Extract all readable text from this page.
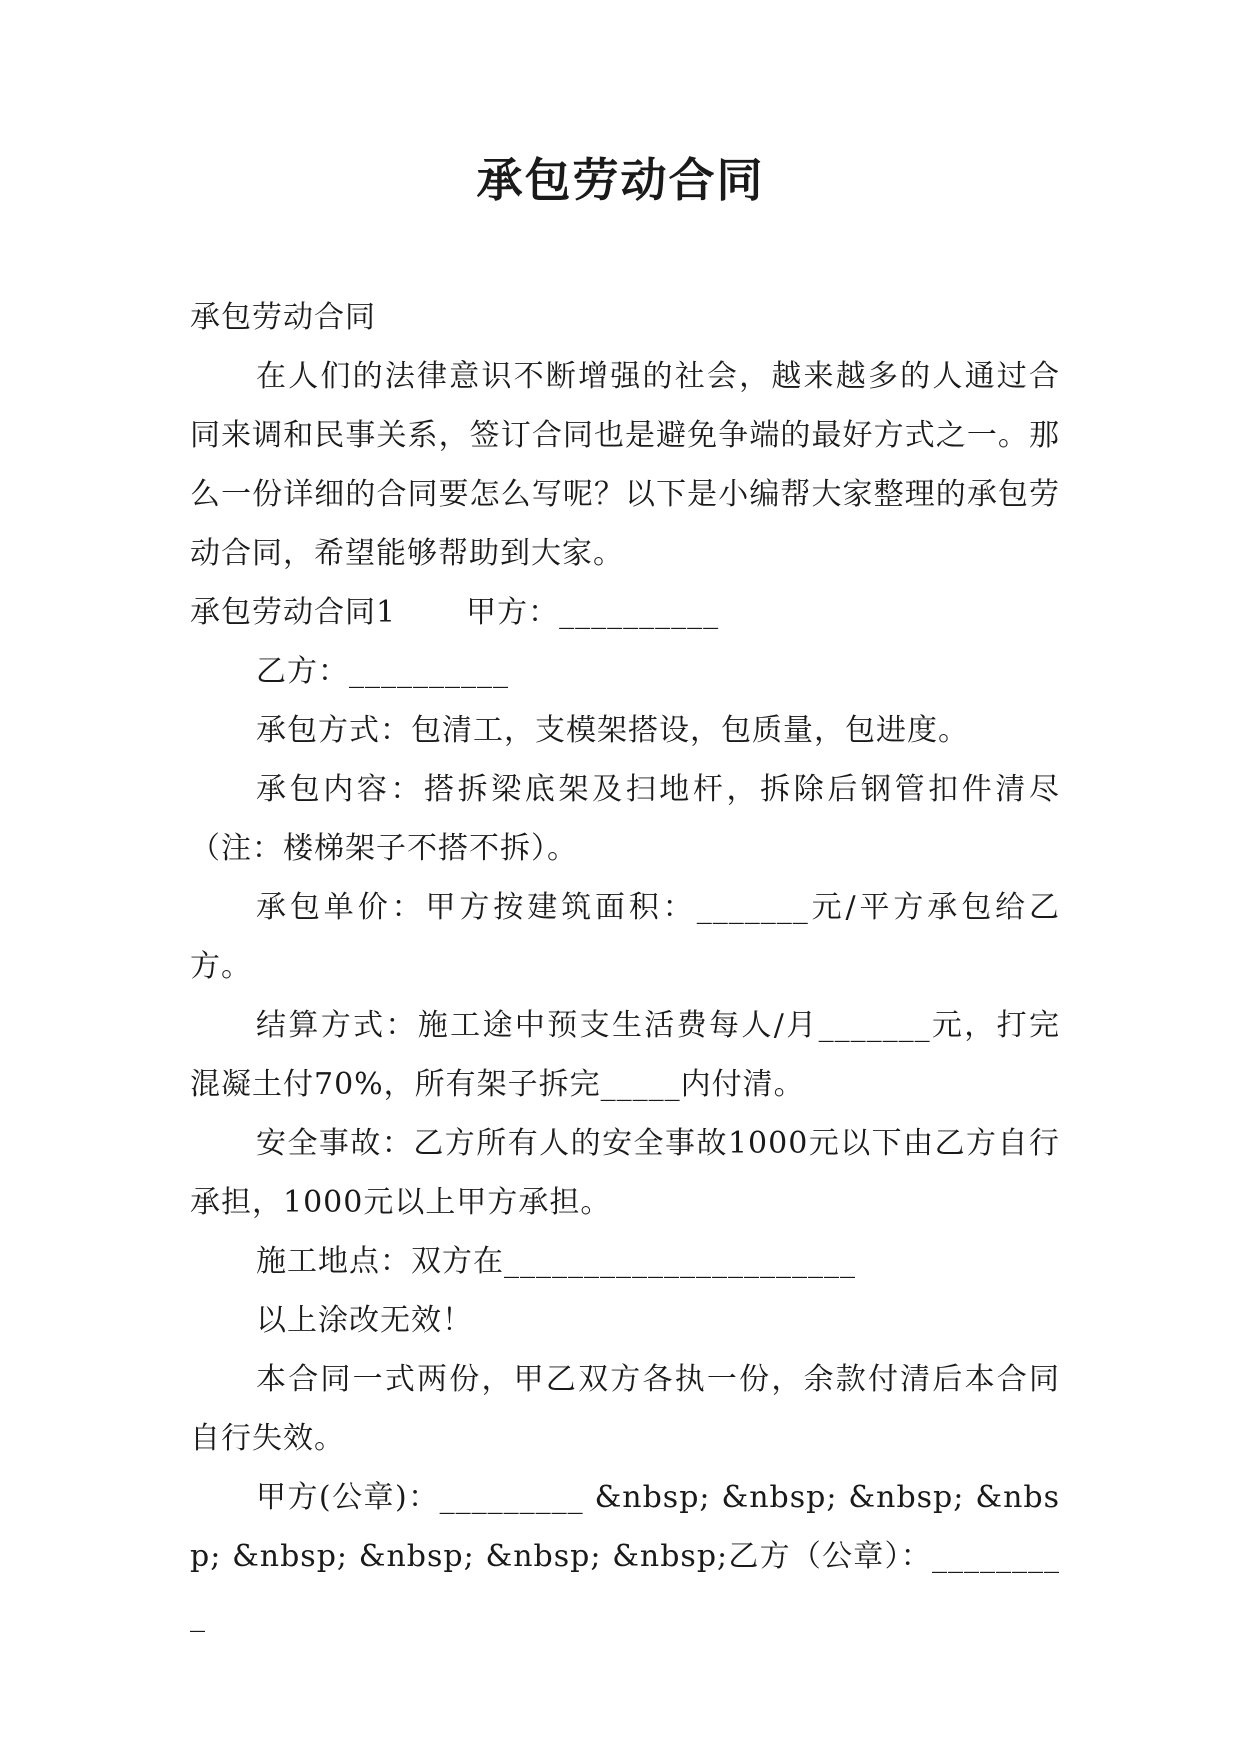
承包劳动合同

承包劳动合同

在人们的法律意识不断增强的社会，越来越多的人通过合同来调和民事关系，签订合同也是避免争端的最好方式之一。那么一份详细的合同要怎么写呢？以下是小编帮大家整理的承包劳动合同，希望能够帮助到大家。

承包劳动合同1 甲方：__________

乙方：__________

承包方式：包清工，支模架搭设，包质量，包进度。

承包内容：搭拆梁底架及扫地杆，拆除后钢管扣件清尽（注：楼梯架子不搭不拆）。

承包单价：甲方按建筑面积：_______元/平方承包给乙方。

结算方式：施工途中预支生活费每人/月_______元，打完混凝土付70%，所有架子拆完_____内付清。

安全事故：乙方所有人的安全事故1000元以下由乙方自行承担，1000元以上甲方承担。

施工地点：双方在______________________

以上涂改无效！

本合同一式两份，甲乙双方各执一份，余款付清后本合同自行失效。

甲方(公章)：_________ &nbsp; &nbsp; &nbsp; &nbsp; &nbsp; &nbsp; &nbsp; &nbsp;乙方（公章）：_________
